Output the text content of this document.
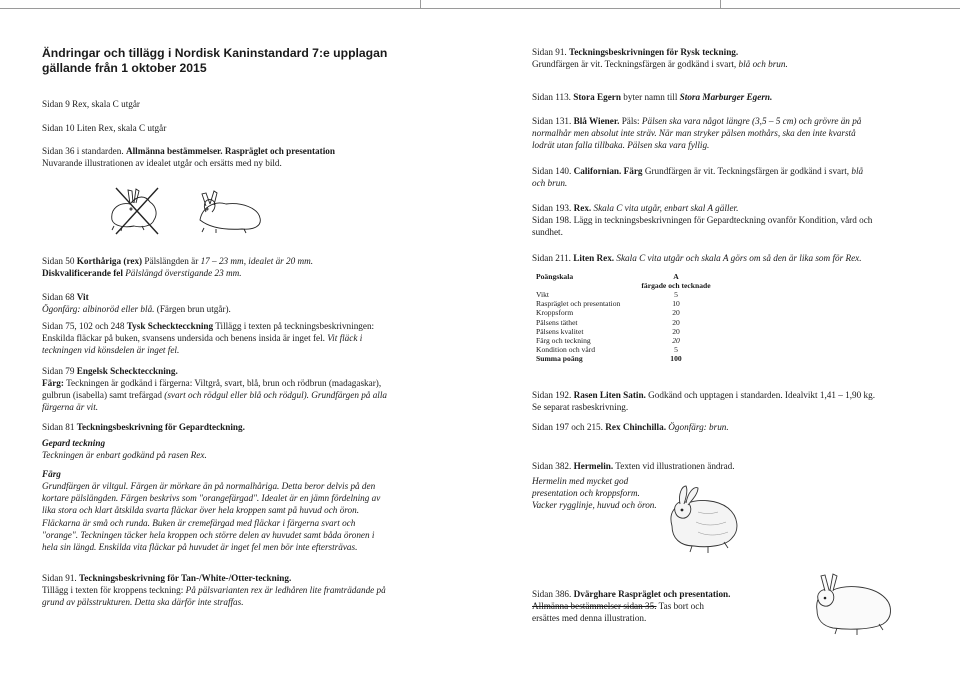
Ändringar och tillägg i Nordisk Kaninstandard 7:e upplagan
gällande från 1 oktober 2015
Sidan 9 Rex, skala C utgår
Sidan 10 Liten Rex, skala C utgår
Sidan 36 i standarden. Allmänna bestämmelser. Raspräglet och presentation
Nuvarande illustrationen av idealet utgår och ersätts med ny bild.
Sidan 50 Korthåriga (rex) Pälslängden är 17 – 23 mm, idealet är 20 mm.
Diskvalificerande fel Pälslängd överstigande 23 mm.
Sidan 68 Vit
Ögonfärg: albinoröd eller blå. (Färgen brun utgår).
Sidan 75, 102 och 248 Tysk Schecktecckning Tillägg i texten på teckningsbeskrivningen:
Enskilda fläckar på buken, svansens undersida och benens insida är inget fel. Vit fläck i
teckningen vid könsdelen är inget fel.
Sidan 79 Engelsk Schecktecckning.
Färg: Teckningen är godkänd i färgerna: Viltgrå, svart, blå, brun och rödbrun (madagaskar),
gulbrun (isabella) samt trefärgad (svart och rödgul eller blå och rödgul). Grundfärgen på alla
färgerna är vit.
Sidan 81 Teckningsbeskrivning för Gepardteckning.
Gepard teckning
Teckningen är enbart godkänd på rasen Rex.
Färg
Grundfärgen är viltgul. Färgen är mörkare än på normalhåriga. Detta beror delvis på den
kortare pälslängden. Färgen beskrivs som "orangefärgad". Idealet är en jämn fördelning av
lika stora och klart åtskilda svarta fläckar över hela kroppen samt på huvud och öron.
Fläckarna är små och runda. Buken är cremefärgad med fläckar i färgerna svart och
"orange". Teckningen täcker hela kroppen och större delen av huvudet samt båda öronen i
hela sin längd. Enskilda vita fläckar på huvudet är inget fel men bör inte eftersträvas.
Sidan 91. Teckningsbeskrivning för Tan-/White-/Otter-teckning.
Tillägg i texten för kroppens teckning: På pälsvarianten rex är ledhåren lite framträdande på
grund av pälsstrukturen. Detta ska därför inte straffas.
Sidan 91. Teckningsbeskrivningen för Rysk teckning.
Grundfärgen är vit. Teckningsfärgen är godkänd i svart, blå och brun.
Sidan 113. Stora Egern byter namn till Stora Marburger Egern.
Sidan 131. Blå Wiener. Päls: Pälsen ska vara något längre (3,5 – 5 cm) och grövre än på
normalhår men absolut inte sträv. När man stryker pälsen mothårs, ska den inte kvarstå
lodrät utan falla tillbaka. Pälsen ska vara fyllig.
Sidan 140. Californian. Färg Grundfärgen är vit. Teckningsfärgen är godkänd i svart, blå
och brun.
Sidan 193. Rex. Skala C vita utgår, enbart skal A gäller.
Sidan 198. Lägg in teckningsbeskrivningen för Gepardteckning ovanför Kondition, vård och
sundhet.
Sidan 211. Liten Rex. Skala C vita utgår och skala A görs om så den är lika som för Rex.
Poängskala	A
	färgade och tecknade
Vikt	5
Raspräglet och presentation	10
Kroppsform	20
Pälsens täthet	20
Pälsens kvalitet	20
Färg och teckning	20
Kondition och vård	5
Summa poäng	100
Sidan 192. Rasen Liten Satin. Godkänd och upptagen i standarden. Idealvikt 1,41 – 1,90 kg.
Se separat rasbeskrivning.
Sidan 197 och 215. Rex Chinchilla. Ögonfärg: brun.
Sidan 382. Hermelin. Texten vid illustrationen ändrad.
Hermelin med mycket god
presentation och kroppsform.
Vacker rygglinje, huvud och öron.
Sidan 386. Dvärghare Raspräglet och presentation.
Allmänna bestämmelser sidan 35. Tas bort och
ersättes med denna illustration.
